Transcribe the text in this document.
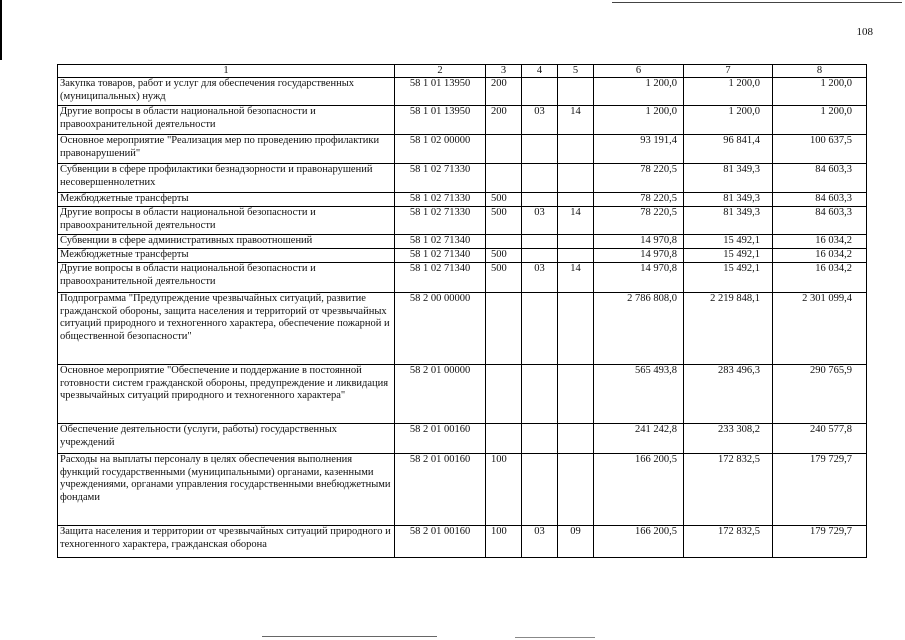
108
1	2	3	4	5	6	7	8
Закупка товаров, работ и услуг для обеспечения государственных (муниципальных) нужд	58 1 01 13950	200			1 200,0	1 200,0	1 200,0
Другие вопросы в области национальной безопасности и правоохранительной деятельности	58 1 01 13950	200	03	14	1 200,0	1 200,0	1 200,0
Основное мероприятие "Реализация мер по проведению профилактики правонарушений"	58 1 02 00000				93 191,4	96 841,4	100 637,5
Субвенции в сфере профилактики безнадзорности и правонарушений несовершеннолетних	58 1 02 71330				78 220,5	81 349,3	84 603,3
Межбюджетные трансферты	58 1 02 71330	500			78 220,5	81 349,3	84 603,3
Другие вопросы в области национальной безопасности и правоохранительной деятельности	58 1 02 71330	500	03	14	78 220,5	81 349,3	84 603,3
Субвенции в сфере административных правоотношений	58 1 02 71340				14 970,8	15 492,1	16 034,2
Межбюджетные трансферты	58 1 02 71340	500			14 970,8	15 492,1	16 034,2
Другие вопросы в области национальной безопасности и правоохранительной деятельности	58 1 02 71340	500	03	14	14 970,8	15 492,1	16 034,2
Подпрограмма "Предупреждение чрезвычайных ситуаций, развитие гражданской обороны, защита населения и территорий от чрезвычайных ситуаций природного и техногенного характера, обеспечение пожарной и общественной безопасности"	58 2 00 00000				2 786 808,0	2 219 848,1	2 301 099,4
Основное мероприятие "Обеспечение и поддержание в постоянной готовности систем гражданской обороны, предупреждение и ликвидация чрезвычайных ситуаций природного и техногенного характера"	58 2 01 00000				565 493,8	283 496,3	290 765,9
Обеспечение деятельности (услуги, работы) государственных учреждений	58 2 01 00160				241 242,8	233 308,2	240 577,8
Расходы на выплаты персоналу в целях обеспечения выполнения функций государственными (муниципальными) органами, казенными учреждениями, органами управления государственными внебюджетными фондами	58 2 01 00160	100			166 200,5	172 832,5	179 729,7
Защита населения и территории от чрезвычайных ситуаций природного и техногенного характера, гражданская оборона	58 2 01 00160	100	03	09	166 200,5	172 832,5	179 729,7
